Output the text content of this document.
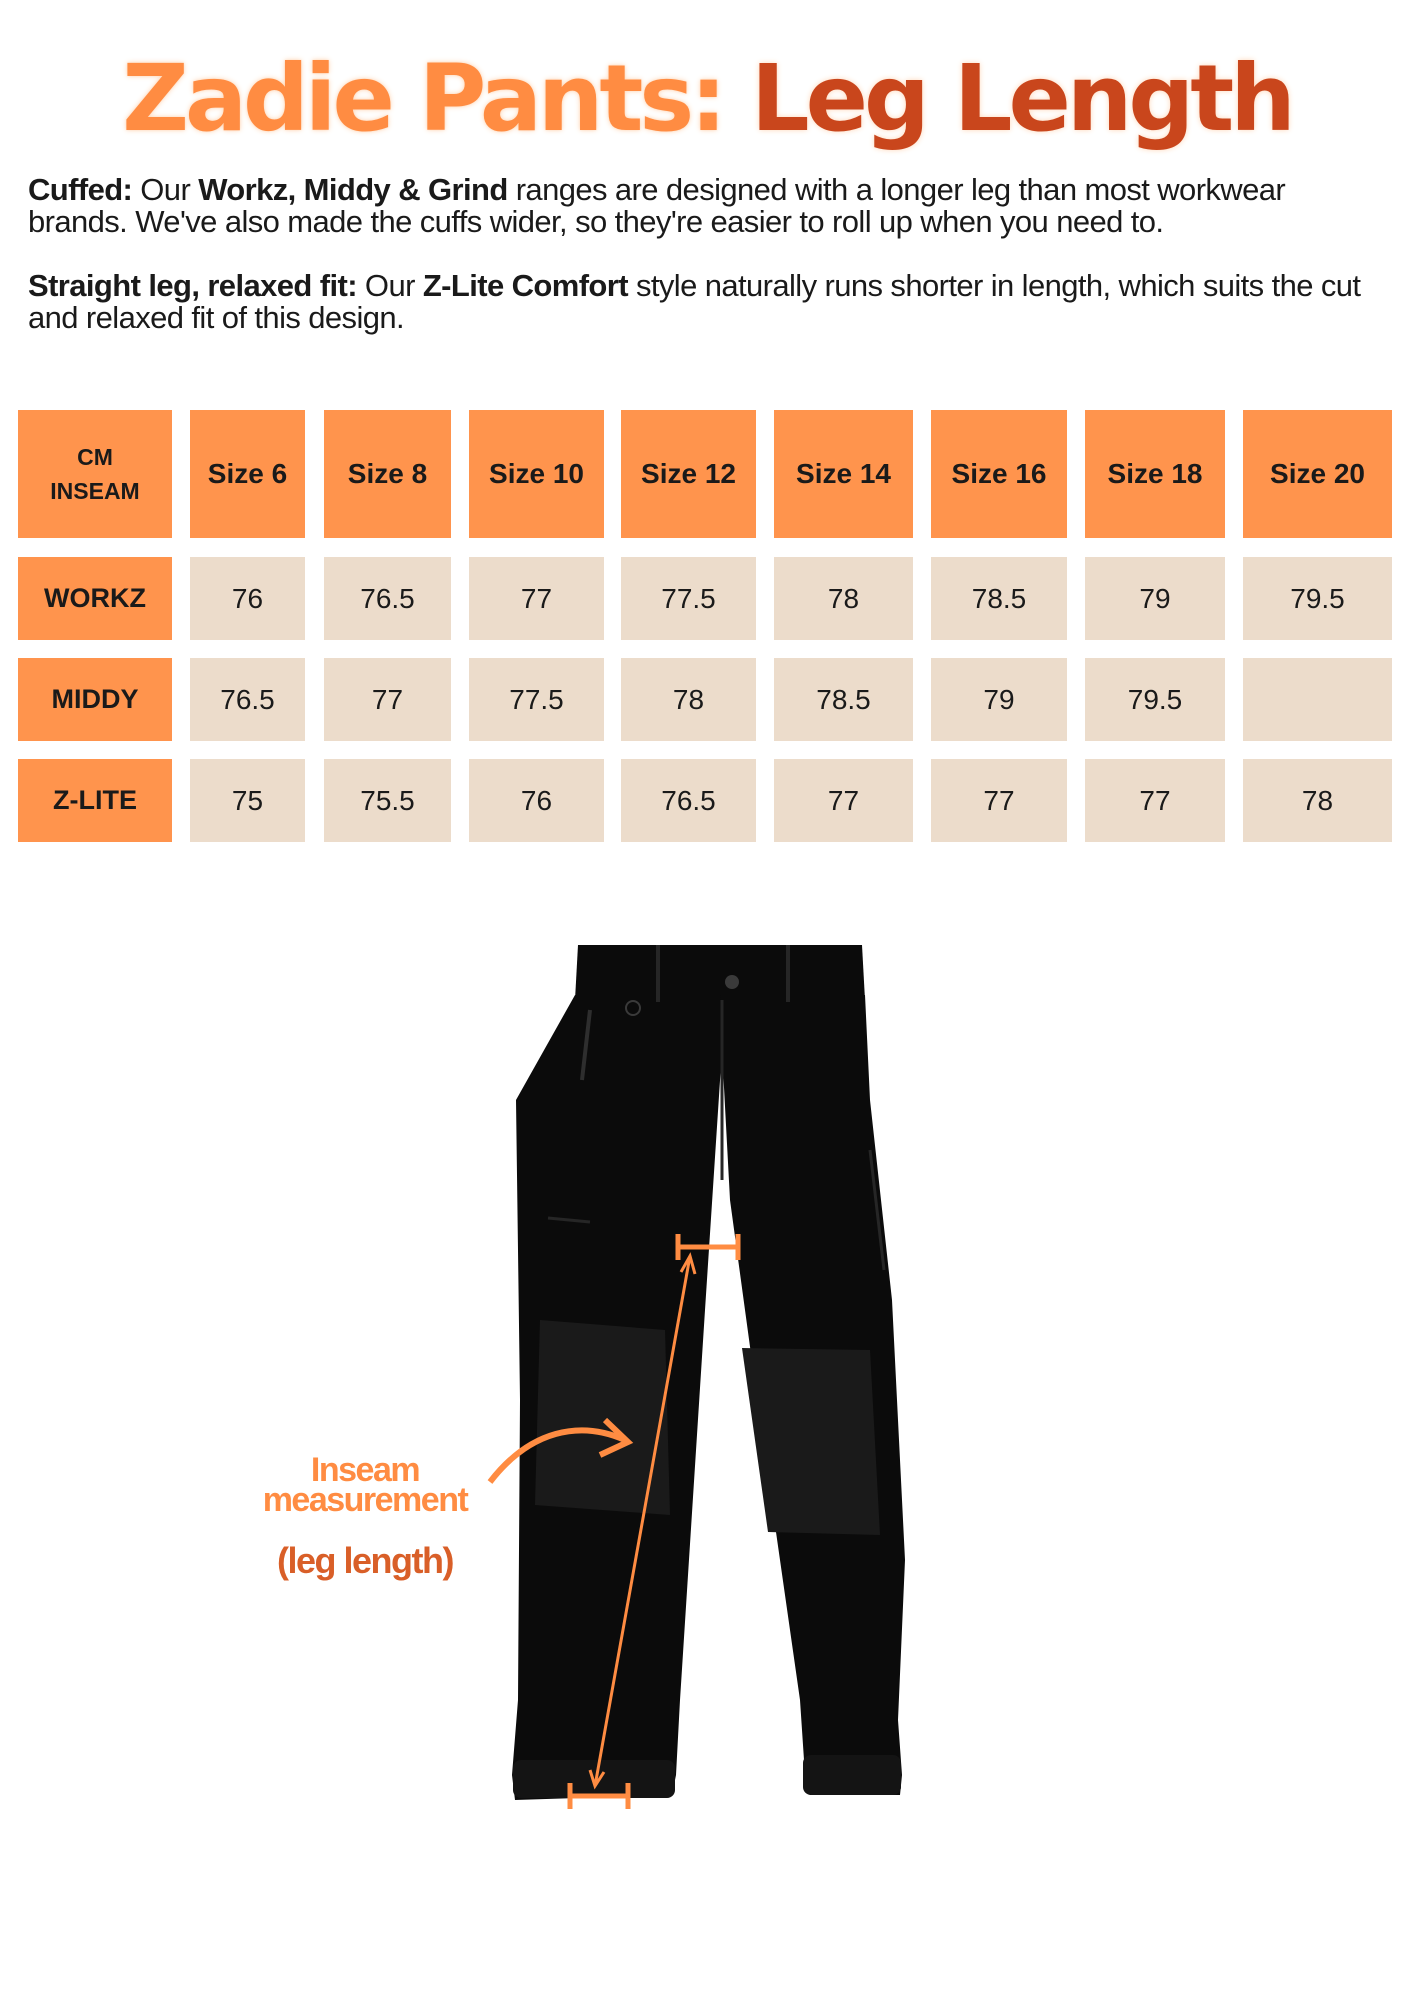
Zadie Pants: Leg Length

Cuffed: Our Workz, Middy & Grind ranges are designed with a longer leg than most workwear brands. We've also made the cuffs wider, so they're easier to roll up when you need to.

Straight leg, relaxed fit: Our Z-Lite Comfort style naturally runs shorter in length, which suits the cut and relaxed fit of this design.

CM
INSEAM
Size 6	Size 8	Size 10	Size 12	Size 14	Size 16	Size 18	Size 20
WORKZ	76	76.5	77	77.5	78	78.5	79	79.5
MIDDY	76.5	77	77.5	78	78.5	79	79.5
Z-LITE	75	75.5	76	76.5	77	77	77	78
Inseam
measurement
(leg length)
